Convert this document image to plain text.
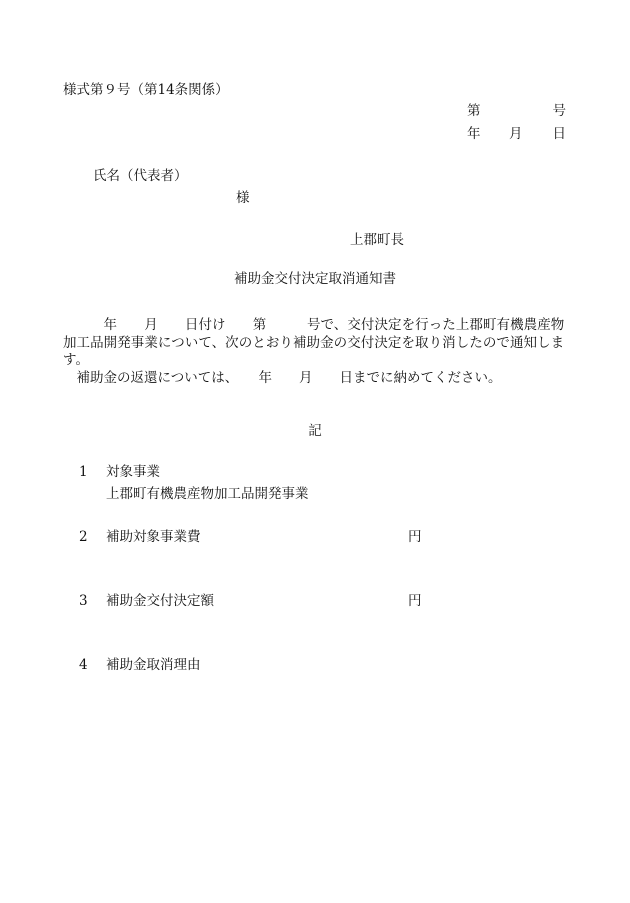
様式第９号（第14条関係）

第

	号

年

月

日

氏名（代表者）
様
上郡町長
補助金交付決定取消通知書

　年　　月　　日付け　　第　　　号で、交付決定を行った上郡町有機農産物加工品開発事業について、次のとおり補助金の交付決定を取り消したので通知します。

補助金の返還については、　　年　　月　　日までに納めてください。

記
1 対象事業
上郡町有機農産物加工品開発事業
2 補助対象事業費	円
3 補助金交付決定額	円
4 補助金取消理由
